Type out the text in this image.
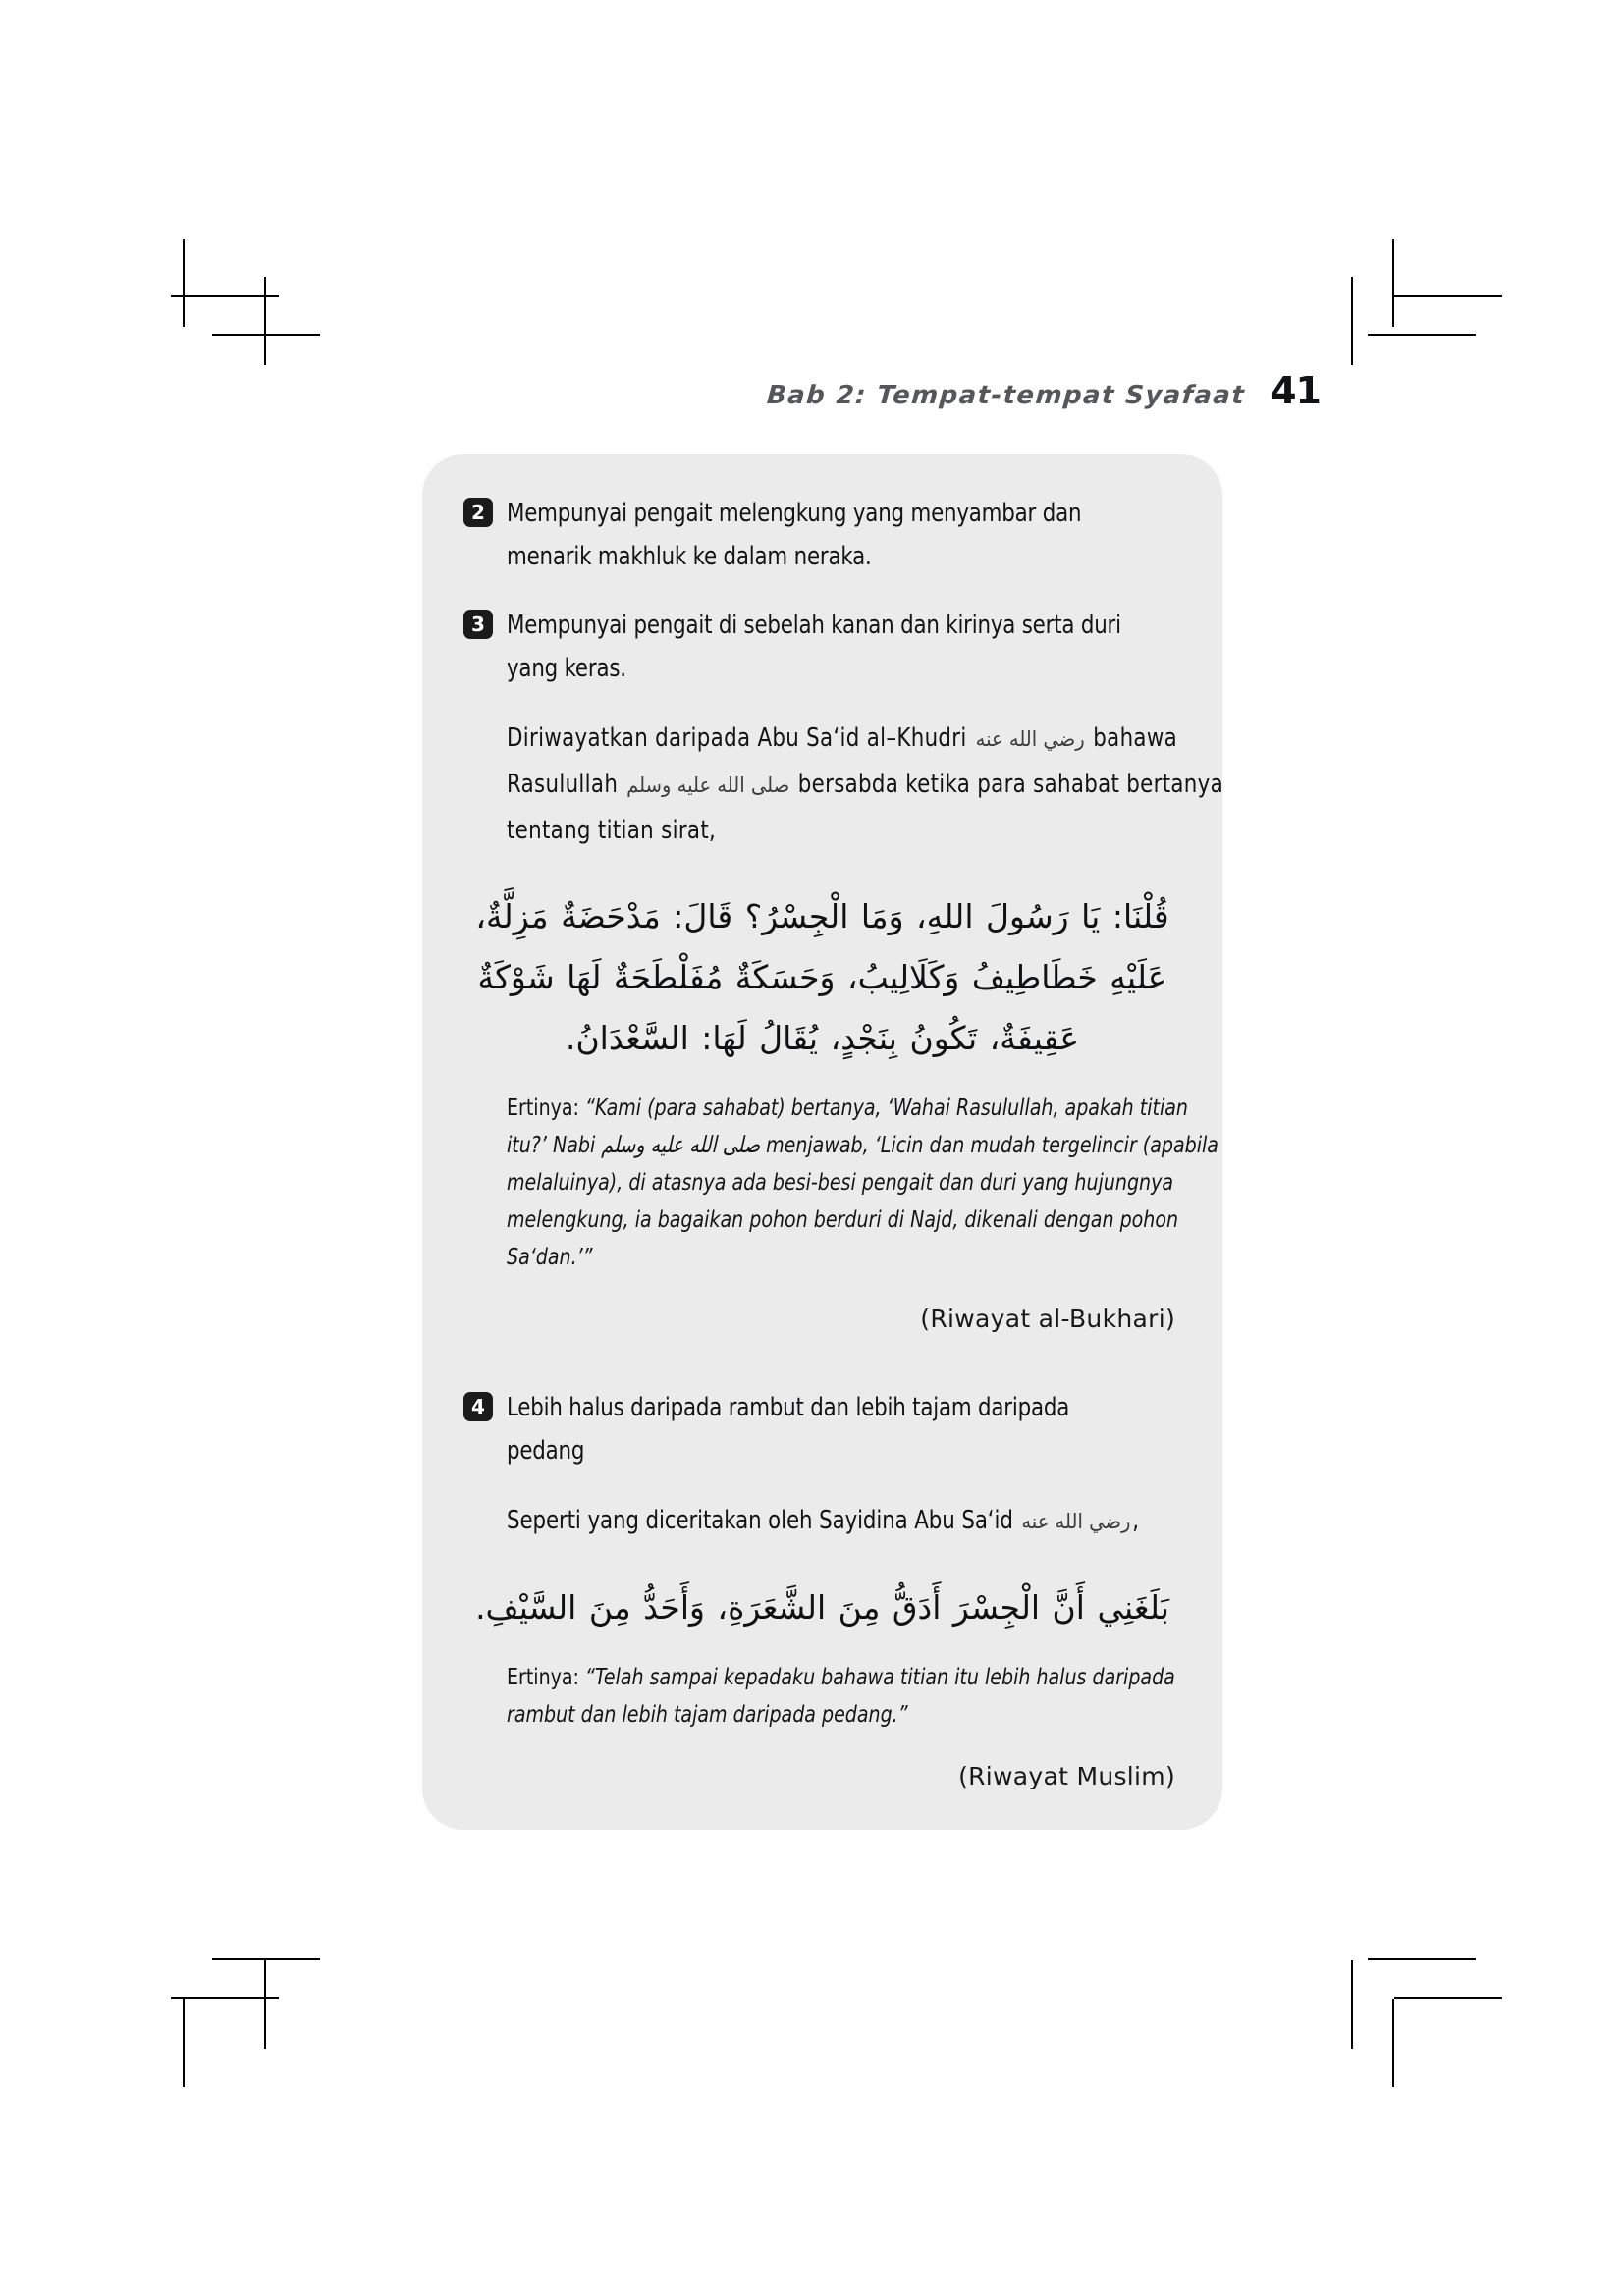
Bab 2: Tempat-tempat Syafaat 41
2 Mempunyai pengait melengkung yang menyambar dan menarik makhluk ke dalam neraka.
3 Mempunyai pengait di sebelah kanan dan kirinya serta duri yang keras.

Diriwayatkan daripada Abu Sa‘id al–Khudri رضي الله عنه bahawa Rasulullah صلى الله عليه وسلم bersabda ketika para sahabat bertanya tentang titian sirat,

قُلْنَا: يَا رَسُولَ اللهِ، وَمَا الْجِسْرُ؟ قَالَ: مَدْحَضَةٌ مَزِلَّةٌ،
عَلَيْهِ خَطَاطِيفُ وَكَلَالِيبُ، وَحَسَكَةٌ مُفَلْطَحَةٌ لَهَا شَوْكَةٌ
عَقِيفَةٌ، تَكُونُ بِنَجْدٍ، يُقَالُ لَهَا: السَّعْدَانُ.

Ertinya: “Kami (para sahabat) bertanya, ‘Wahai Rasulullah, apakah titian itu?’ Nabi صلى الله عليه وسلم menjawab, ‘Licin dan mudah tergelincir (apabila melaluinya), di atasnya ada besi-besi pengait dan duri yang hujungnya melengkung, ia bagaikan pohon berduri di Najd, dikenali dengan pohon Sa‘dan.’”

(Riwayat al-Bukhari)
4 Lebih halus daripada rambut dan lebih tajam daripada pedang

Seperti yang diceritakan oleh Sayidina Abu Sa‘id رضي الله عنه,

بَلَغَنِي أَنَّ الْجِسْرَ أَدَقُّ مِنَ الشَّعَرَةِ، وَأَحَدُّ مِنَ السَّيْفِ.

Ertinya: “Telah sampai kepadaku bahawa titian itu lebih halus daripada rambut dan lebih tajam daripada pedang.”

(Riwayat Muslim)
